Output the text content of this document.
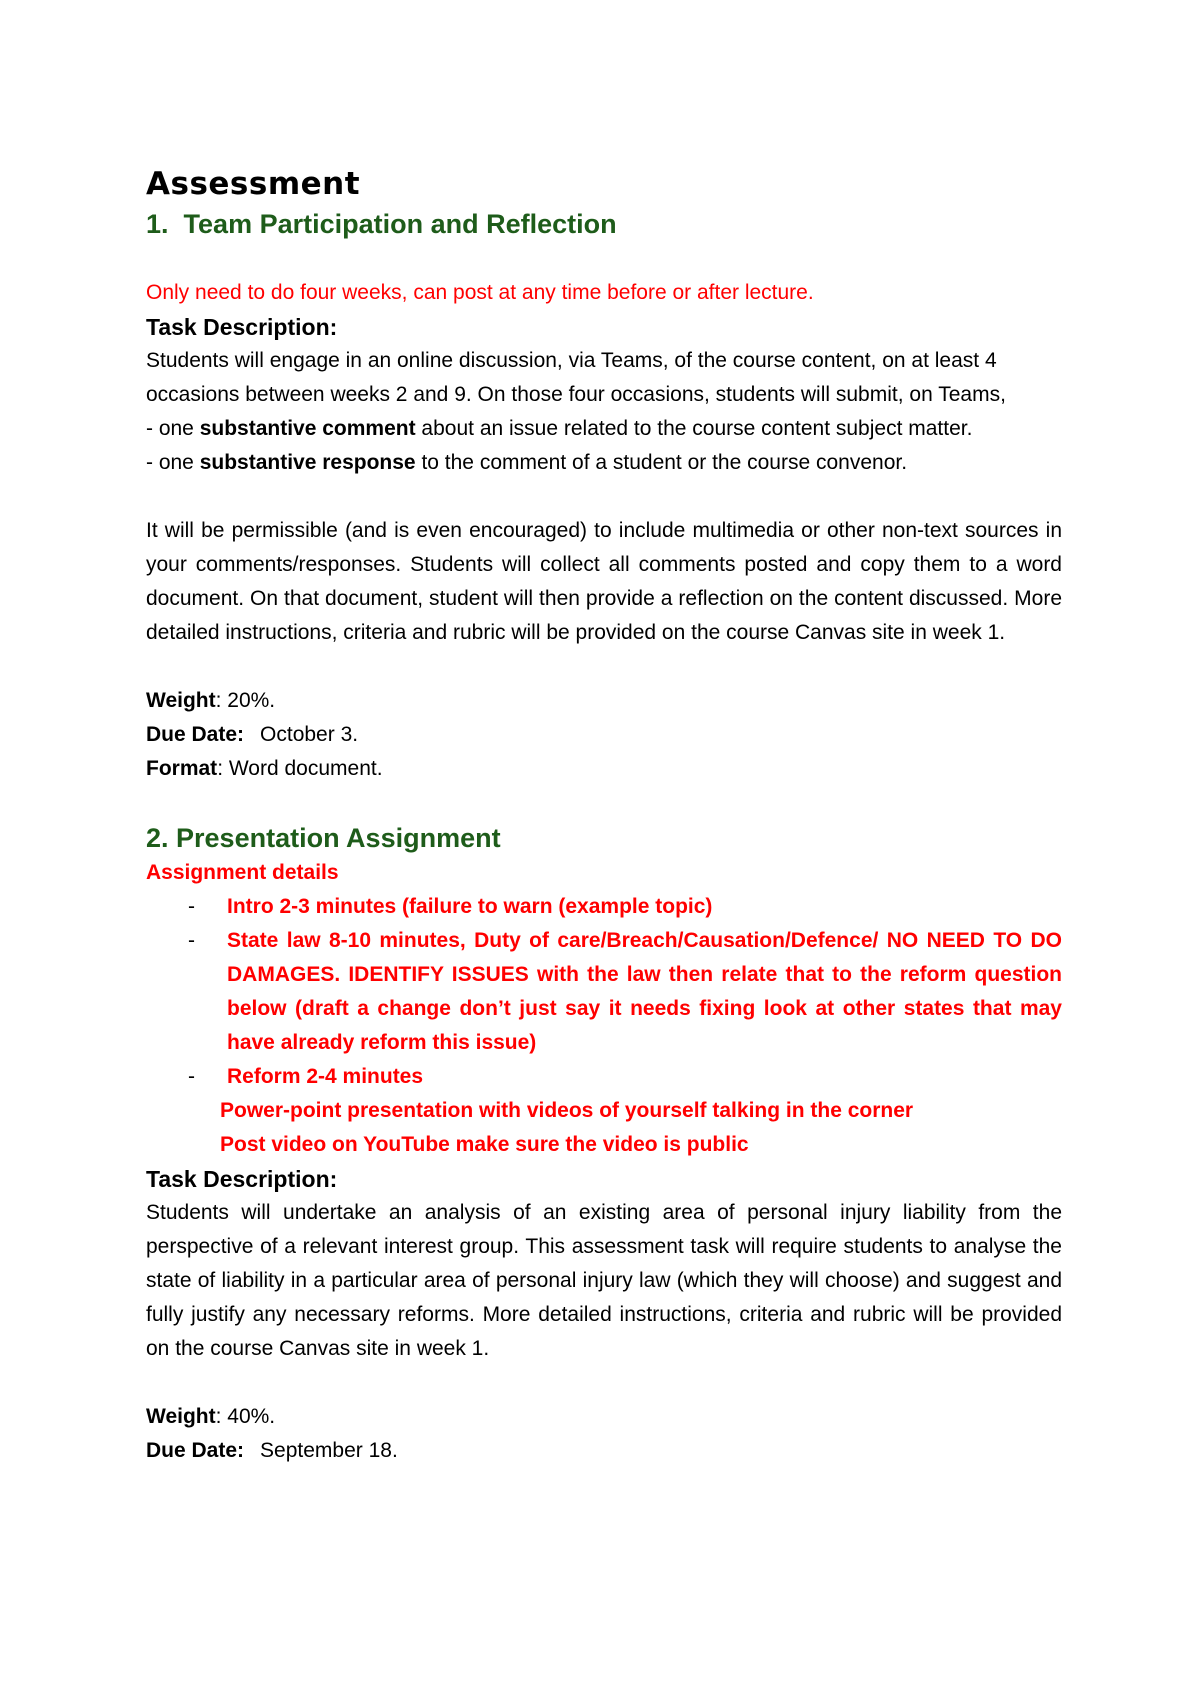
Assessment
1. Team Participation and Reflection

Only need to do four weeks, can post at any time before or after lecture.

Task Description:

Students will engage in an online discussion, via Teams, of the course content, on at least 4

occasions between weeks 2 and 9. On those four occasions, students will submit, on Teams,

- one substantive comment about an issue related to the course content subject matter.

- one substantive response to the comment of a student or the course convenor.

It will be permissible (and is even encouraged) to include multimedia or other non-text sources in your comments/responses. Students will collect all comments posted and copy them to a word document. On that document, student will then provide a reflection on the content discussed. More detailed instructions, criteria and rubric will be provided on the course Canvas site in week 1.

Weight: 20%.

Due Date: October 3.

Format: Word document.

2. Presentation Assignment

Assignment details

- Intro 2-3 minutes (failure to warn (example topic)
- State law 8-10 minutes, Duty of care/Breach/Causation/Defence/ NO NEED TO DO DAMAGES. IDENTIFY ISSUES with the law then relate that to the reform question below (draft a change don’t just say it needs fixing look at other states that may have already reform this issue)
- Reform 2-4 minutes

Power-point presentation with videos of yourself talking in the corner

Post video on YouTube make sure the video is public

Task Description:

Students will undertake an analysis of an existing area of personal injury liability from the perspective of a relevant interest group. This assessment task will require students to analyse the state of liability in a particular area of personal injury law (which they will choose) and suggest and fully justify any necessary reforms. More detailed instructions, criteria and rubric will be provided on the course Canvas site in week 1.

Weight: 40%.

Due Date: September 18.
